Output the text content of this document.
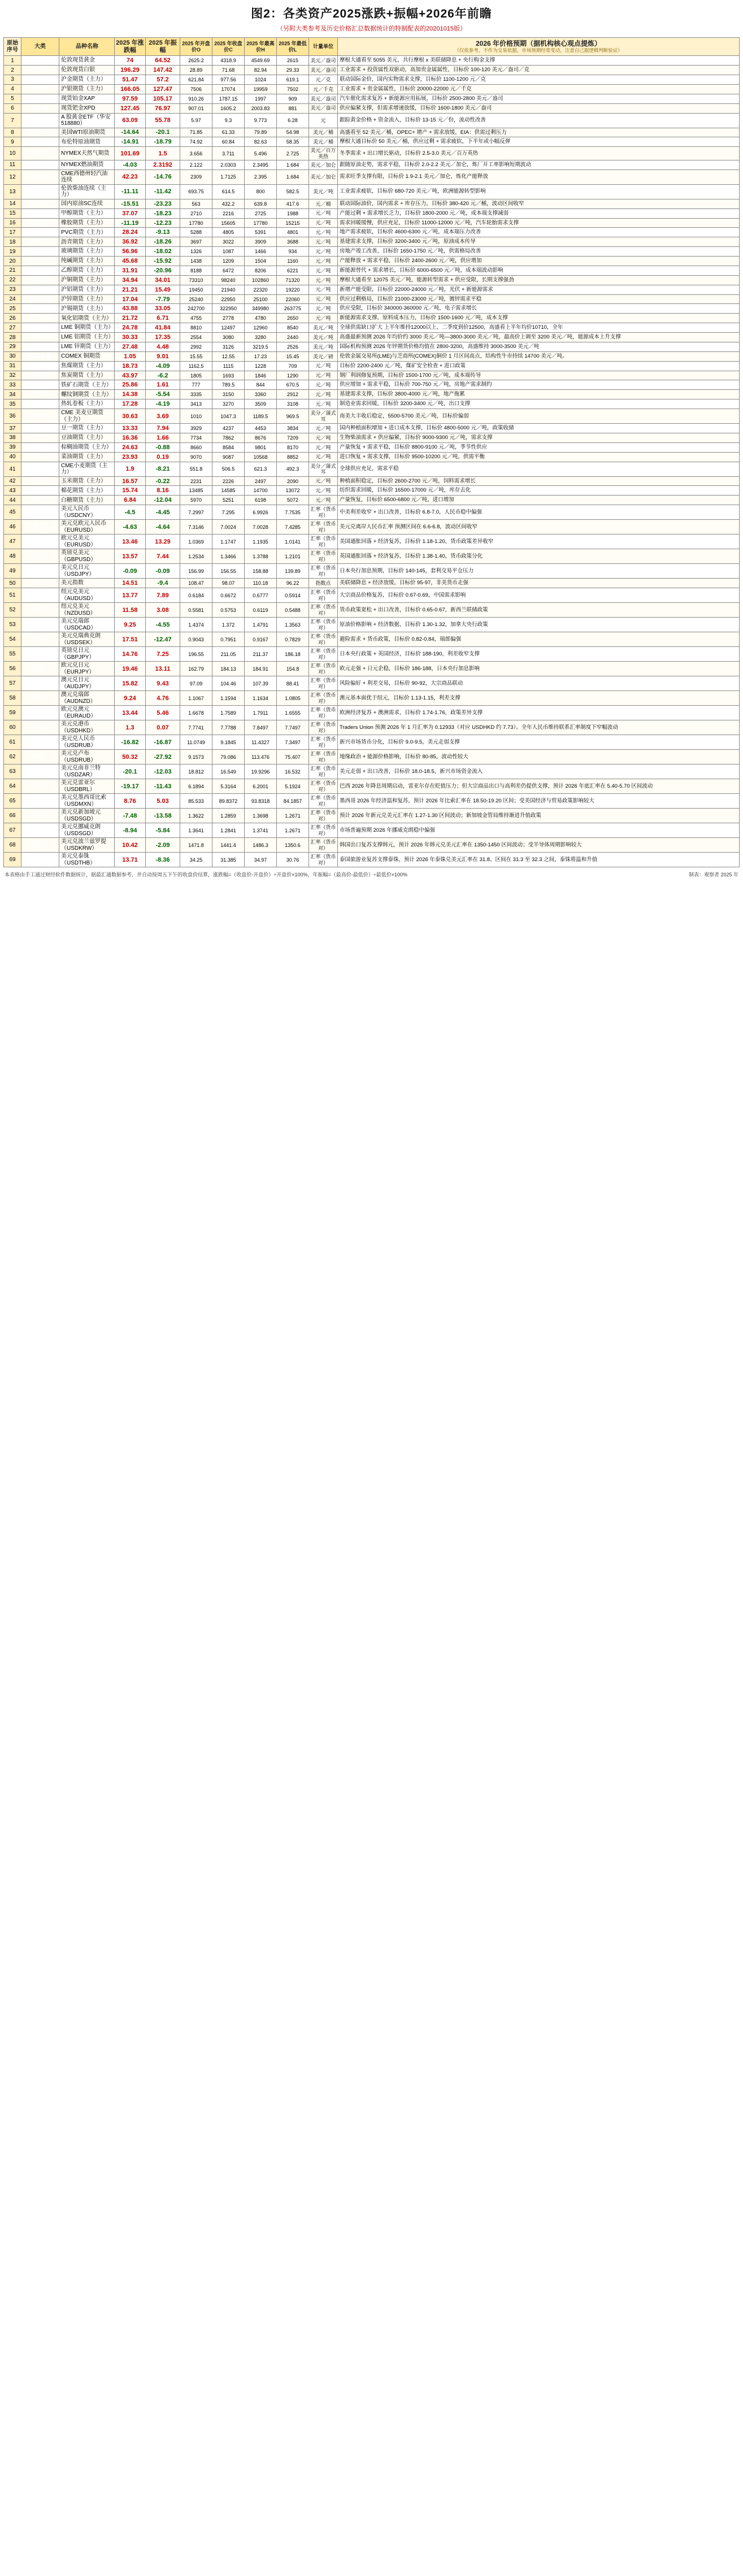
图2：各类资产2025涨跌+振幅+2026年前瞻
（另附大类参考及历史价格汇总数据统计的特制配表的20201015版）
原始序号	大类	品种名称	2025 年涨跌幅	2025 年振幅	2025 年开盘价O	2025 年收盘价C	2025 年最高价H	2025 年最低价L	计量单位	2026 年价格预期（据机构核心观点提炼）
（仅依参考，不作为交易依据，市场预期经常变动，注意自己据逻辑判断验证）

1	贵金属	伦敦现货黄金	74	64.52	2625.2	4318.9	4549.69	2615	美元／盎司	摩根大通看至 5055 美元，共行摩根 x 美联储降息 + 央行购金支撑
2	贵金属	伦敦现货白银	196.29	147.42	28.89	71.68	82.94	29.33	美元／盎司	工业需求 + 投资属性双驱动，高加贵金属属性，目标价 100-120 美元／盎司／克
3	贵金属	沪金期货（主力）	51.47	57.2	621.84	977.56	1024	619.1	元／克	联动国际金价，国内实物需求支撑，目标价 1100-1200 元／克
4	贵金属	沪银期货（主力）	166.05	127.47	7506	17074	19959	7502	元／千克	工业需求 + 贵金属属性，目标价 20000-22000 元／千克
5	贵金属	现货铂金XAP	97.59	105.17	910.26	1787.15	1997	909	美元／盎司	汽车催化需求复苏 + 新能源应用拓展，目标价 2500-2800 美元／盎司
6	贵金属	现货钯金XPD	127.45	76.97	907.01	1605.2	2003.83	881	美元／盎司	供应偏紧支撑，但需求增速放缓，目标价 1600-1800 美元／盎司
7	贵金属	A 股黄金ETF（华安 518880）	63.09	55.78	5.97	9.3	9.773	6.28	元	跟踪黄金价格 + 资金流入，目标价 13-15 元／份，流动性改善
8	能源化工	美国WTI原油期货	-14.64	-20.1	71.85	61.33	79.89	54.98	美元／桶	高盛看至 52 美元／桶，OPEC+ 增产 + 需求放缓，EIA：供需过剩压力
9	能源化工	布伦特原油期货	-14.91	-18.79	74.92	60.84	82.63	58.35	美元／桶	摩根大通目标价 50 美元／桶，供应过剩 + 需求疲软，下半年或小幅反弹
10	能源化工	NYMEX天然气期货	101.69	1.5	3.656	3.711	5.496	2.725	美元／百万英热	冬季需求 + 出口增长驱动，目标价 2.5-3.0 美元／百万英热
11	能源化工	NYMEX燃油期货	-4.03	2.3192	2.122	2.0303	2.3495	1.684	美元／加仑	跟随原油走势，需求平稳，目标价 2.0-2.2 美元／加仑，炼厂开工率影响短期波动
12	能源化工	CME西德州轻汽油连续	42.23	-14.76	2309	1.7125	2.395	1.684	美元／加仑	需求旺季支撑有限，目标价 1.9-2.1 美元／加仑，炼化产能释放
13	能源化工	伦敦柴油连续（主力）	-11.11	-11.42	693.75	614.5	800	582.5	美元／吨	工业需求疲软，目标价 680-720 美元／吨，欧洲能源转型影响
14	能源化工	国内原油SC连续	-15.51	-23.23	563	432.2	639.8	417.6	元／桶	联动国际油价，国内需求 + 库存压力，目标价 380-420 元／桶，波动区间收窄
15	能源化工	甲醇期货（主力）	37.07	-18.23	2710	2216	2725	1988	元／吨	产能过剩 + 需求增长乏力，目标价 1800-2000 元／吨，成本端支撑减弱
16	能源化工	橡胶期货（主力）	-11.19	-12.23	17780	15605	17780	15215	元／吨	需求回暖缓慢，供应充足，目标价 11000-12000 元／吨，汽车轮胎需求支撑
17	能源化工	PVC期货（主力）	28.24	-9.13	5288	4805	5391	4801	元／吨	地产需求疲软，目标价 4600-6300 元／吨，成本端压力改善
18	能源化工	沥青期货（主力）	36.92	-18.26	3697	3022	3909	3688	元／吨	基建需求支撑，目标价 3200-3400 元／吨，原油成本传导
19	能源化工	玻璃期货（主力）	56.96	-18.02	1326	1087	1466	934	元／吨	房地产竣工改善，目标价 1650-1750 元／吨，供需格局改善
20	能源化工	纯碱期货（主力）	45.68	-15.92	1438	1209	1504	1160	元／吨	产能释放 + 需求平稳，目标价 2400-2600 元／吨，供应增加
21	能源化工	乙醇期货（主力）	31.91	-20.96	8188	6472	8206	6221	元／吨	新能源替代 + 需求增长，目标价 6000-6500 元／吨，成本端波动影响
22	有色金属	沪铜期货（主力）	34.94	34.01	73310	98240	102860	71320	元／吨	摩根大通看至 12075 美元／吨，能源转型需求 + 供应受限，长期支撑强劲
23	有色金属	沪铝期货（主力）	21.21	15.49	19450	21940	22320	19220	元／吨	新增产能受限，目标价 22000-24000 元／吨，光伏 + 新能源需求
24	有色金属	沪锌期货（主力）	17.04	-7.79	25240	22950	25100	22060	元／吨	供应过剩格局，目标价 21000-23000 元／吨，镀锌需求平稳
25	有色金属	沪锡期货（主力）	43.88	33.05	242700	322950	349980	263775	元／吨	供应受限，目标价 340000-360000 元／吨，电子需求增长
26	有色金属	氧化铝期货（主力）	21.72	6.71	4755	2778	4780	2650	元／吨	新能源需求支撑，原料成本压力，目标价 1500-1600 元／吨，成本支撑
27	有色金属	LME 铜期货（主力）	24.78	41.84	8810	12497	12960	8540	美元／吨	全球供需缺口扩大 上半年维持12000以上、二季度到价12500，高盛看上半年均价10710，全年
28	有色金属	LME 铝期货（主力）	30.33	17.35	2554	3080	3280	2440	美元／吨	高盛最新预测 2026 年均价约 3000 美元／吨—3800-3000 美元／吨，最高价上调至 3200 美元／吨，能源成本上升支撑
29	有色金属	LME 锌期货（主力）	27.48	4.48	2992	3126	3219.5	2526	美元／吨	国际机构预测 2026 年锌期货价格均值在 2800-3200，高盛维持 3000-3500 美元／吨
30	有色金属	COMEX 铜期货	1.05	9.01	15.55	12.55	17.23	15.45	美元／磅	伦敦金属交易所(LME)与芝商所(COMEX)铜价 1 月区间高点，结构性牛市持续 14700 美元／吨。
31	黑色系	焦煤期货（主力）	18.73	-4.09	1162.5	1115	1228	709	元／吨	目标价 2200-2400 元／吨，煤矿安全检查 + 进口政策
32	黑色系	焦炭期货（主力）	43.97	-6.2	1805	1693	1846	1290	元／吨	钢厂利润修复预期，目标价 1500-1700 元／吨，成本端传导
33	黑色系	铁矿石期货（主力）	25.86	1.61	777	789.5	844	670.5	元／吨	供应增加 + 需求平稳，目标价 700-750 元／吨，房地产需求制约
34	黑色系	螺纹钢期货（主力）	14.38	-5.54	3335	3150	3360	2912	元／吨	基建需求支撑，目标价 3800-4000 元／吨，地产拖累
35	黑色系	热轧卷板（主力）	17.28	-4.19	3413	3270	3509	3108	元／吨	制造业需求回暖，目标价 3200-3400 元／吨，出口支撑
36	农产品	CME 美麦豆期货（主力）	30.63	3.69	1010	1047.3	1189.5	969.5	美分／蒲式耳	南美大丰收后稳定，5500-5700 美元／吨，目标价偏弱
37	农产品	豆一期货（主力）	13.33	7.94	3929	4237	4453	3834	元／吨	国内种植面积增加 + 进口成本支撑，目标价 4800-5000 元／吨，政策收储
38	农产品	豆油期货（主力）	16.36	1.66	7734	7862	8676	7209	元／吨	生物柴油需求 + 供应偏紧，目标价 9000-9300 元／吨，需求支撑
39	农产品	棕榈油期货（主力）	24.63	-0.88	8660	8584	9801	8170	元／吨	产量恢复 + 需求平稳，目标价 8800-9100 元／吨，季节性供应
40	农产品	菜油期货（主力）	23.93	0.19	9070	9087	10568	8852	元／吨	进口恢复 + 需求支撑，目标价 9500-10200 元／吨，供需平衡
41	农产品	CME小麦期货（主力）	1.9	-8.21	551.8	506.5	621.3	492.3	美分／蒲式耳	全球供应充足，需求平稳
42	农产品	玉米期货（主力）	16.57	-0.22	2231	2226	2497	2090	元／吨	种植面积稳定，目标价 2600-2700 元／吨，饲料需求增长
43	农产品	棉花期货（主力）	15.74	8.16	13485	14585	14700	13072	元／吨	纺织需求回暖，目标价 16500-17000 元／吨，库存去化
44	农产品	白糖期货（主力）	6.84	-12.04	5970	5251	6198	5072	元／吨	产量恢复，目标价 6500-6800 元／吨，进口增加
45	外汇	美元人民币（USDCNY）	-4.5	-4.45	7.2997	7.295	6.9926	7.7535	汇率（货币对）	中美利差收窄 + 出口改善，目标价 6.8-7.0，人民币稳中偏强
46	外汇	美元兑欧元人民币（EURUSD）	-4.63	-4.64	7.3146	7.0024	7.0028	7.4285	汇率（货币对）	美元兑离岸人民币汇率 预测区间在 6.6-6.8，波动区间收窄
47	外汇	欧元兑美元（EURUSD）	13.46	13.29	1.0369	1.1747	1.1935	1.0141	汇率（货币对）	美国通胀回落 + 经济复苏，目标价 1.18-1.20，货币政策差异收窄
48	外汇	英镑兑美元（GBPUSD）	13.57	7.44	1.2534	1.3466	1.3788	1.2101	汇率（货币对）	英国通胀回落 + 经济复苏，目标价 1.38-1.40，货币政策分化
49	外汇	美元兑日元（USDJPY）	-0.09	-0.09	156.99	156.55	158.88	139.89	汇率（货币对）	日本央行加息预期，目标价 140-145，套利交易平仓压力
50	外汇	美元指数	14.51	-9.4	108.47	98.07	110.18	96.22	指数点	美联储降息 + 经济放缓，目标价 95-97，非美货币走强
51	外汇	纽元兑美元（AUDUSD）	13.77	7.89	0.6184	0.6672	0.6777	0.5914	汇率（货币对）	大宗商品价格复苏，目标价 0.67-0.69，中国需求影响
52	外汇	纽元兑美元（NZDUSD）	11.58	3.08	0.5581	0.5753	0.6119	0.5488	汇率（货币对）	货币政策宽松 + 出口改善，目标价 0.65-0.67，新西兰联储政策
53	外汇	美元兑瑞郎（USDCAD）	9.25	-4.55	1.4374	1.372	1.4791	1.3563	汇率（货币对）	原油价格影响 + 经济数据，目标价 1.30-1.32，加拿大央行政策
54	外汇	美元兑瑞典克朗（USDSEK）	17.51	-12.47	0.9043	0.7951	0.9167	0.7829	汇率（货币对）	避险需求 + 货币政策，目标价 0.82-0.84，瑞郎偏强
55	外汇	英镑兑日元（GBPJPY）	14.76	7.25	196.55	211.05	211.37	186.18	汇率（货币对）	日本央行政策 + 英国经济，目标价 188-190，利差收窄支撑
56	外汇	欧元兑日元（EURJPY）	19.46	13.11	162.79	184.13	184.91	154.8	汇率（货币对）	欧元走强 + 日元企稳，目标价 186-188，日本央行加息影响
57	外汇	澳元兑日元（AUDJPY）	15.82	9.43	97.09	104.46	107.39	88.41	汇率（货币对）	风险偏好 + 利差交易，目标价 90-92，大宗商品联动
58	外汇	澳元兑瑞郎（AUDNZD）	9.24	4.76	1.1067	1.1594	1.1634	1.0805	汇率（货币对）	澳元基本面优于纽元，目标价 1.13-1.15，利差支撑
59	外汇	欧元兑澳元（EURAUD）	13.44	5.46	1.6678	1.7589	1.7911	1.6555	汇率（货币对）	欧洲经济复苏 + 澳洲需求，目标价 1.74-1.76，政策差异支撑
60	外汇	美元兑港币（USDHKD）	1.3	0.07	7.7741	7.7788	7.8497	7.7497	汇率（货币对）	Traders Union 预测 2026 年 1 月汇率为 0.12933（对应 USDHKD 约 7.73）。全年人民币维持联系汇率制度下窄幅波动
61	外汇	美元兑人民币（USDRUB）	-16.82	-16.87	11.0749	9.1845	11.4327	7.3497	汇率（货币对）	新兴市场货币分化，目标价 9.0-9.5，美元走弱支撑
62	外汇	美元兑卢布（USDRUB）	50.32	-27.92	9.1573	79.086	113.476	75.407	汇率（货币对）	地缘政治 + 能源价格影响，目标价 80-85，波动性较大
63	外汇	美元兑南非兰特（USDZAR）	-20.1	-12.03	18.812	16.549	19.9296	16.532	汇率（货币对）	美元走弱 + 出口改善，目标价 18.0-18.5，新兴市场资金流入
64	外汇	美元兑雷亚尔（USDBRL）	-19.17	-11.43	6.1894	5.3164	6.2001	5.1924	汇率（货币对）	巴西 2026 年降息周期启动，雷亚尔存在贬值压力；但大宗商品出口与高利差仍提供支撑，预计 2026 年底汇率在 5.40-5.70 区间波动
65	外汇	美元兑墨西哥比索（USDMXN）	8.76	5.03	85.533	89.8372	93.8318	84.1857	汇率（货币对）	墨西哥 2026 年经济温和复苏，预计 2026 年比索汇率在 18.50-19.20 区间；受美国经济与贸易政策影响较大
66	外汇	美元兑新加坡元（USDSGD）	-7.48	-13.58	1.3622	1.2859	1.3698	1.2671	汇率（货币对）	预计 2026 年新元兑美元汇率在 1.27-1.30 区间波动；新加坡金管局维持渐进升值政策
67	外汇	美元兑挪威克朗（USDSGD）	-8.94	-5.84	1.3641	1.2841	1.3741	1.2671	汇率（货币对）	市场普遍预期 2026 年挪威克朗稳中偏强
68	外汇	美元兑波兰兹罗提（USDKRW）	10.42	-2.09	1471.8	1441.4	1486.3	1350.6	汇率（货币对）	韩国出口复苏支撑韩元，预计 2026 年韩元兑美元汇率在 1350-1450 区间波动；受半导体周期影响较大
69	外汇	美元兑泰铢（USDTHB）	13.71	-8.36	34.25	31.385	34.97	30.76	汇率（货币对）	泰国旅游业复苏支撑泰铢，预计 2026 年泰铢兑美元汇率在 31.8、区间在 31.3 至 32.3 之间，泰铢将温和升值
本表格由手工通过财经软件数据统计，据最汇通数据参考，并自动按周五下午的收盘价结算，涨跌幅=（收盘价-开盘价）÷开盘价×100%，年振幅=（最高价-最低价）÷最低价×100%	制表：观察者 2025 年
